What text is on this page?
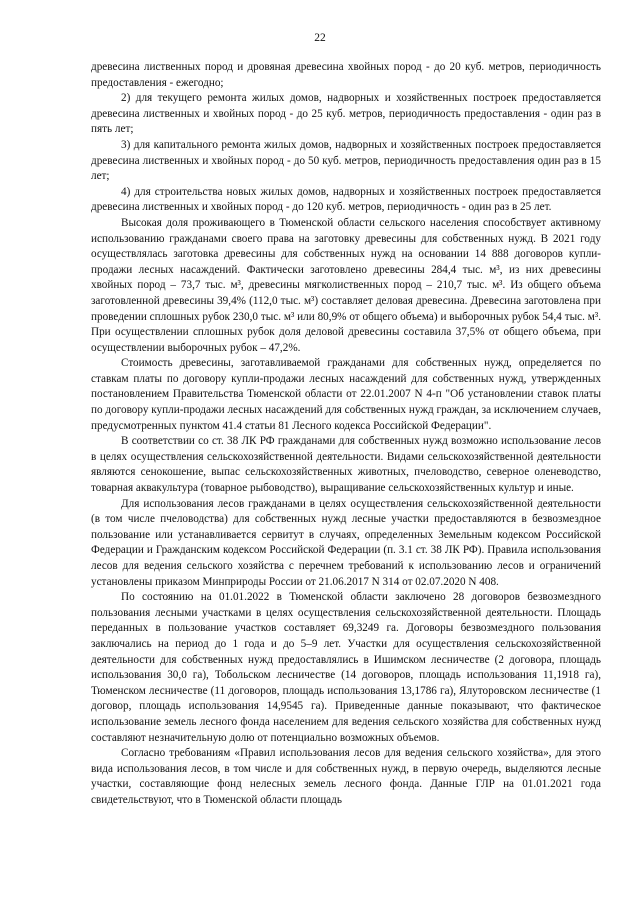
22

древесина лиственных пород и дровяная древесина хвойных пород - до 20 куб. метров, периодичность предоставления - ежегодно;

2) для текущего ремонта жилых домов, надворных и хозяйственных построек предоставляется древесина лиственных и хвойных пород - до 25 куб. метров, периодичность предоставления - один раз в пять лет;

3) для капитального ремонта жилых домов, надворных и хозяйственных построек предоставляется древесина лиственных и хвойных пород - до 50 куб. метров, периодичность предоставления один раз в 15 лет;

4) для строительства новых жилых домов, надворных и хозяйственных построек предоставляется древесина лиственных и хвойных пород - до 120 куб. метров, периодичность - один раз в 25 лет.

Высокая доля проживающего в Тюменской области сельского населения способствует активному использованию гражданами своего права на заготовку древесины для собственных нужд. В 2021 году осуществлялась заготовка древесины для собственных нужд на основании 14 888 договоров купли-продажи лесных насаждений. Фактически заготовлено древесины 284,4 тыс. м³, из них древесины хвойных пород – 73,7 тыс. м³, древесины мягколиственных пород – 210,7 тыс. м³. Из общего объема заготовленной древесины 39,4% (112,0 тыс. м³) составляет деловая древесина. Древесина заготовлена при проведении сплошных рубок 230,0 тыс. м³ или 80,9% от общего объема) и выборочных рубок 54,4 тыс. м³. При осуществлении сплошных рубок доля деловой древесины составила 37,5% от общего объема, при осуществлении выборочных рубок – 47,2%.

Стоимость древесины, заготавливаемой гражданами для собственных нужд, определяется по ставкам платы по договору купли-продажи лесных насаждений для собственных нужд, утвержденных постановлением Правительства Тюменской области от 22.01.2007 N 4-п "Об установлении ставок платы по договору купли-продажи лесных насаждений для собственных нужд граждан, за исключением случаев, предусмотренных пунктом 41.4 статьи 81 Лесного кодекса Российской Федерации".

В соответствии со ст. 38 ЛК РФ гражданами для собственных нужд возможно использование лесов в целях осуществления сельскохозяйственной деятельности. Видами сельскохозяйственной деятельности являются сенокошение, выпас сельскохозяйственных животных, пчеловодство, северное оленеводство, товарная аквакультура (товарное рыбоводство), выращивание сельскохозяйственных культур и иные.

Для использования лесов гражданами в целях осуществления сельскохозяйственной деятельности (в том числе пчеловодства) для собственных нужд лесные участки предоставляются в безвозмездное пользование или устанавливается сервитут в случаях, определенных Земельным кодексом Российской Федерации и Гражданским кодексом Российской Федерации (п. 3.1 ст. 38 ЛК РФ). Правила использования лесов для ведения сельского хозяйства с перечнем требований к использованию лесов и ограничений установлены приказом Минприроды России от 21.06.2017 N 314 от 02.07.2020 N 408.

По состоянию на 01.01.2022 в Тюменской области заключено 28 договоров безвозмездного пользования лесными участками в целях осуществления сельскохозяйственной деятельности. Площадь переданных в пользование участков составляет 69,3249 га. Договоры безвозмездного пользования заключались на период до 1 года и до 5–9 лет. Участки для осуществления сельскохозяйственной деятельности для собственных нужд предоставлялись в Ишимском лесничестве (2 договора, площадь использования 30,0 га), Тобольском лесничестве (14 договоров, площадь использования 11,1918 га), Тюменском лесничестве (11 договоров, площадь использования 13,1786 га), Ялуторовском лесничестве (1 договор, площадь использования 14,9545 га). Приведенные данные показывают, что фактическое использование земель лесного фонда населением для ведения сельского хозяйства для собственных нужд составляют незначительную долю от потенциально возможных объемов.

Согласно требованиям «Правил использования лесов для ведения сельского хозяйства», для этого вида использования лесов, в том числе и для собственных нужд, в первую очередь, выделяются лесные участки, составляющие фонд нелесных земель лесного фонда. Данные ГЛР на 01.01.2021 года свидетельствуют, что в Тюменской области площадь
